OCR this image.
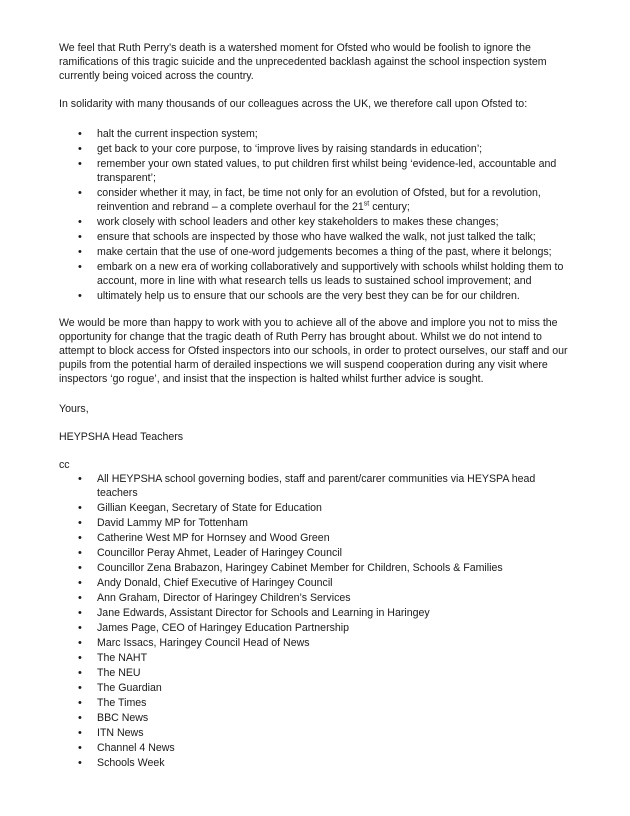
We feel that Ruth Perry’s death is a watershed moment for Ofsted who would be foolish to ignore the ramifications of this tragic suicide and the unprecedented backlash against the school inspection system currently being voiced across the country.

In solidarity with many thousands of our colleagues across the UK, we therefore call upon Ofsted to:

• halt the current inspection system;
• get back to your core purpose, to ‘improve lives by raising standards in education’;
• remember your own stated values, to put children first whilst being ‘evidence-led, accountable and transparent’;
• consider whether it may, in fact, be time not only for an evolution of Ofsted, but for a revolution, reinvention and rebrand – a complete overhaul for the 21st century;
• work closely with school leaders and other key stakeholders to makes these changes;
• ensure that schools are inspected by those who have walked the walk, not just talked the talk;
• make certain that the use of one-word judgements becomes a thing of the past, where it belongs;
• embark on a new era of working collaboratively and supportively with schools whilst holding them to account, more in line with what research tells us leads to sustained school improvement; and
• ultimately help us to ensure that our schools are the very best they can be for our children.

We would be more than happy to work with you to achieve all of the above and implore you not to miss the opportunity for change that the tragic death of Ruth Perry has brought about. Whilst we do not intend to attempt to block access for Ofsted inspectors into our schools, in order to protect ourselves, our staff and our pupils from the potential harm of derailed inspections we will suspend cooperation during any visit where inspectors ‘go rogue’, and insist that the inspection is halted whilst further advice is sought.

Yours,

HEYPSHA Head Teachers

cc

• All HEYPSHA school governing bodies, staff and parent/carer communities via HEYSPA head teachers
• Gillian Keegan, Secretary of State for Education
• David Lammy MP for Tottenham
• Catherine West MP for Hornsey and Wood Green
• Councillor Peray Ahmet, Leader of Haringey Council
• Councillor Zena Brabazon, Haringey Cabinet Member for Children, Schools & Families
• Andy Donald, Chief Executive of Haringey Council
• Ann Graham, Director of Haringey Children’s Services
• Jane Edwards, Assistant Director for Schools and Learning in Haringey
• James Page, CEO of Haringey Education Partnership
• Marc Issacs, Haringey Council Head of News
• The NAHT
• The NEU
• The Guardian
• The Times
• BBC News
• ITN News
• Channel 4 News
• Schools Week
